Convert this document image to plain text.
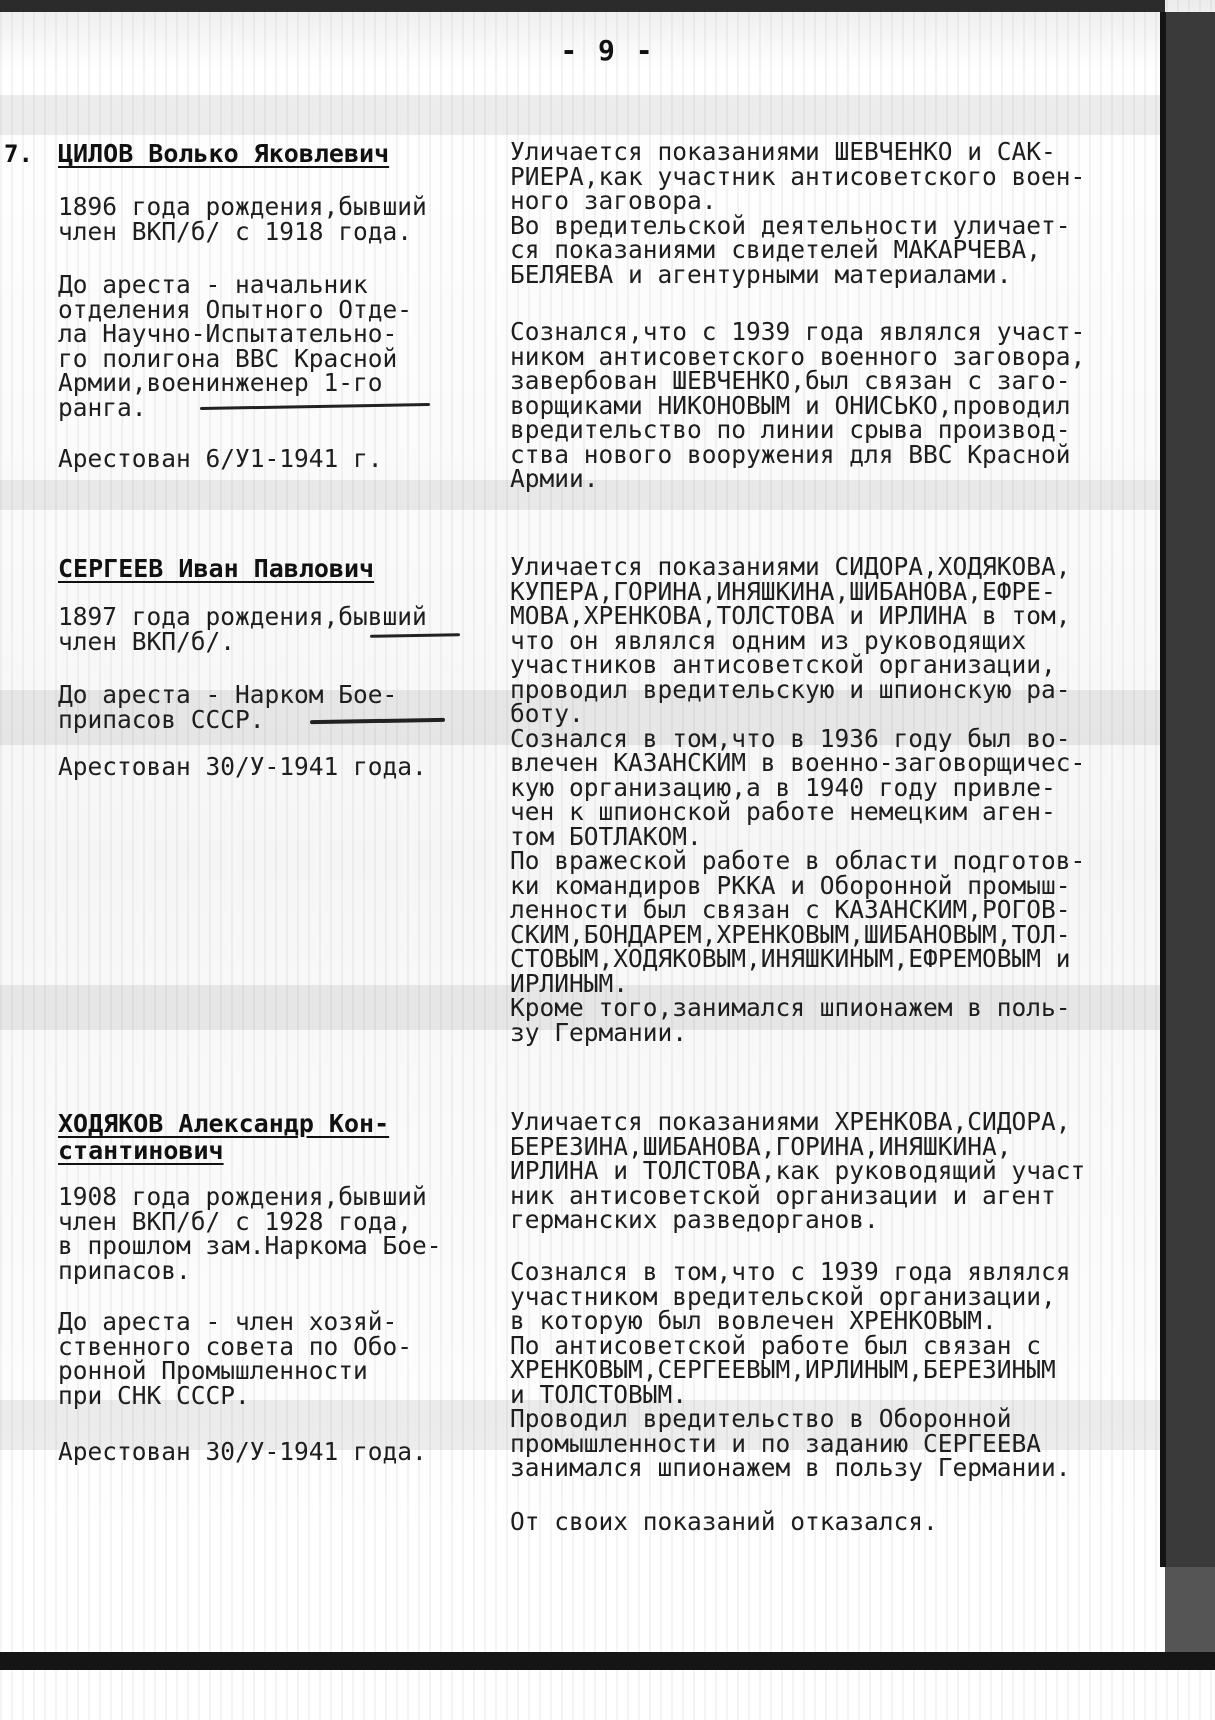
- 9 -
7. ЦИЛОВ Волько Яковлевич
1896 года рождения,бывший
член ВКП/б/ с 1918 года.
До ареста - начальник
отделения Опытного Отде-
ла Научно-Испытательно-
го полигона ВВС Красной
Армии,военинженер 1-го
ранга.
Арестован 6/У1-1941 г.
Уличается показаниями ШЕВЧЕНКО и САК-
РИЕРА,как участник антисоветского воен-
ного заговора.
Во вредительской деятельности уличает-
ся показаниями свидетелей МАКАРЧЕВА,
БЕЛЯЕВА и агентурными материалами.
Сознался,что с 1939 года являлся участ-
ником антисоветского военного заговора,
завербован ШЕВЧЕНКО,был связан с заго-
ворщиками НИКОНОВЫМ и ОНИСЬКО,проводил
вредительство по линии срыва производ-
ства нового вооружения для ВВС Красной
Армии.
СЕРГЕЕВ Иван Павлович
1897 года рождения,бывший
член ВКП/б/.
До ареста - Нарком Бое-
припасов СССР.
Арестован 30/У-1941 года.
Уличается показаниями СИДОРА,ХОДЯКОВА,
КУПЕРА,ГОРИНА,ИНЯШКИНА,ШИБАНОВА,ЕФРЕ-
МОВА,ХРЕНКОВА,ТОЛСТОВА и ИРЛИНА в том,
что он являлся одним из руководящих
участников антисоветской организации,
проводил вредительскую и шпионскую ра-
боту.
Сознался в том,что в 1936 году был во-
влечен КАЗАНСКИМ в военно-заговорщичес-
кую организацию,а в 1940 году привле-
чен к шпионской работе немецким аген-
том БОТЛАКОМ.
По вражеской работе в области подготов-
ки командиров РККА и Оборонной промыш-
ленности был связан с КАЗАНСКИМ,РОГОВ-
СКИМ,БОНДАРЕМ,ХРЕНКОВЫМ,ШИБАНОВЫМ,ТОЛ-
СТОВЫМ,ХОДЯКОВЫМ,ИНЯШКИНЫМ,ЕФРЕМОВЫМ и
ИРЛИНЫМ.
Кроме того,занимался шпионажем в поль-
зу Германии.
ХОДЯКОВ Александр Кон-
стантинович
1908 года рождения,бывший
член ВКП/б/ с 1928 года,
в прошлом зам.Наркома Бое-
припасов.
До ареста - член хозяй-
ственного совета по Обо-
ронной Промышленности
при СНК СССР.
Арестован 30/У-1941 года.
Уличается показаниями ХРЕНКОВА,СИДОРА,
БЕРЕЗИНА,ШИБАНОВА,ГОРИНА,ИНЯШКИНА,
ИРЛИНА и ТОЛСТОВА,как руководящий участ
ник антисоветской организации и агент
германских разведорганов.
Сознался в том,что с 1939 года являлся
участником вредительской организации,
в которую был вовлечен ХРЕНКОВЫМ.
По антисоветской работе был связан с
ХРЕНКОВЫМ,СЕРГЕЕВЫМ,ИРЛИНЫМ,БЕРЕЗИНЫМ
и ТОЛСТОВЫМ.
Проводил вредительство в Оборонной
промышленности и по заданию СЕРГЕЕВА
занимался шпионажем в пользу Германии.
От своих показаний отказался.
